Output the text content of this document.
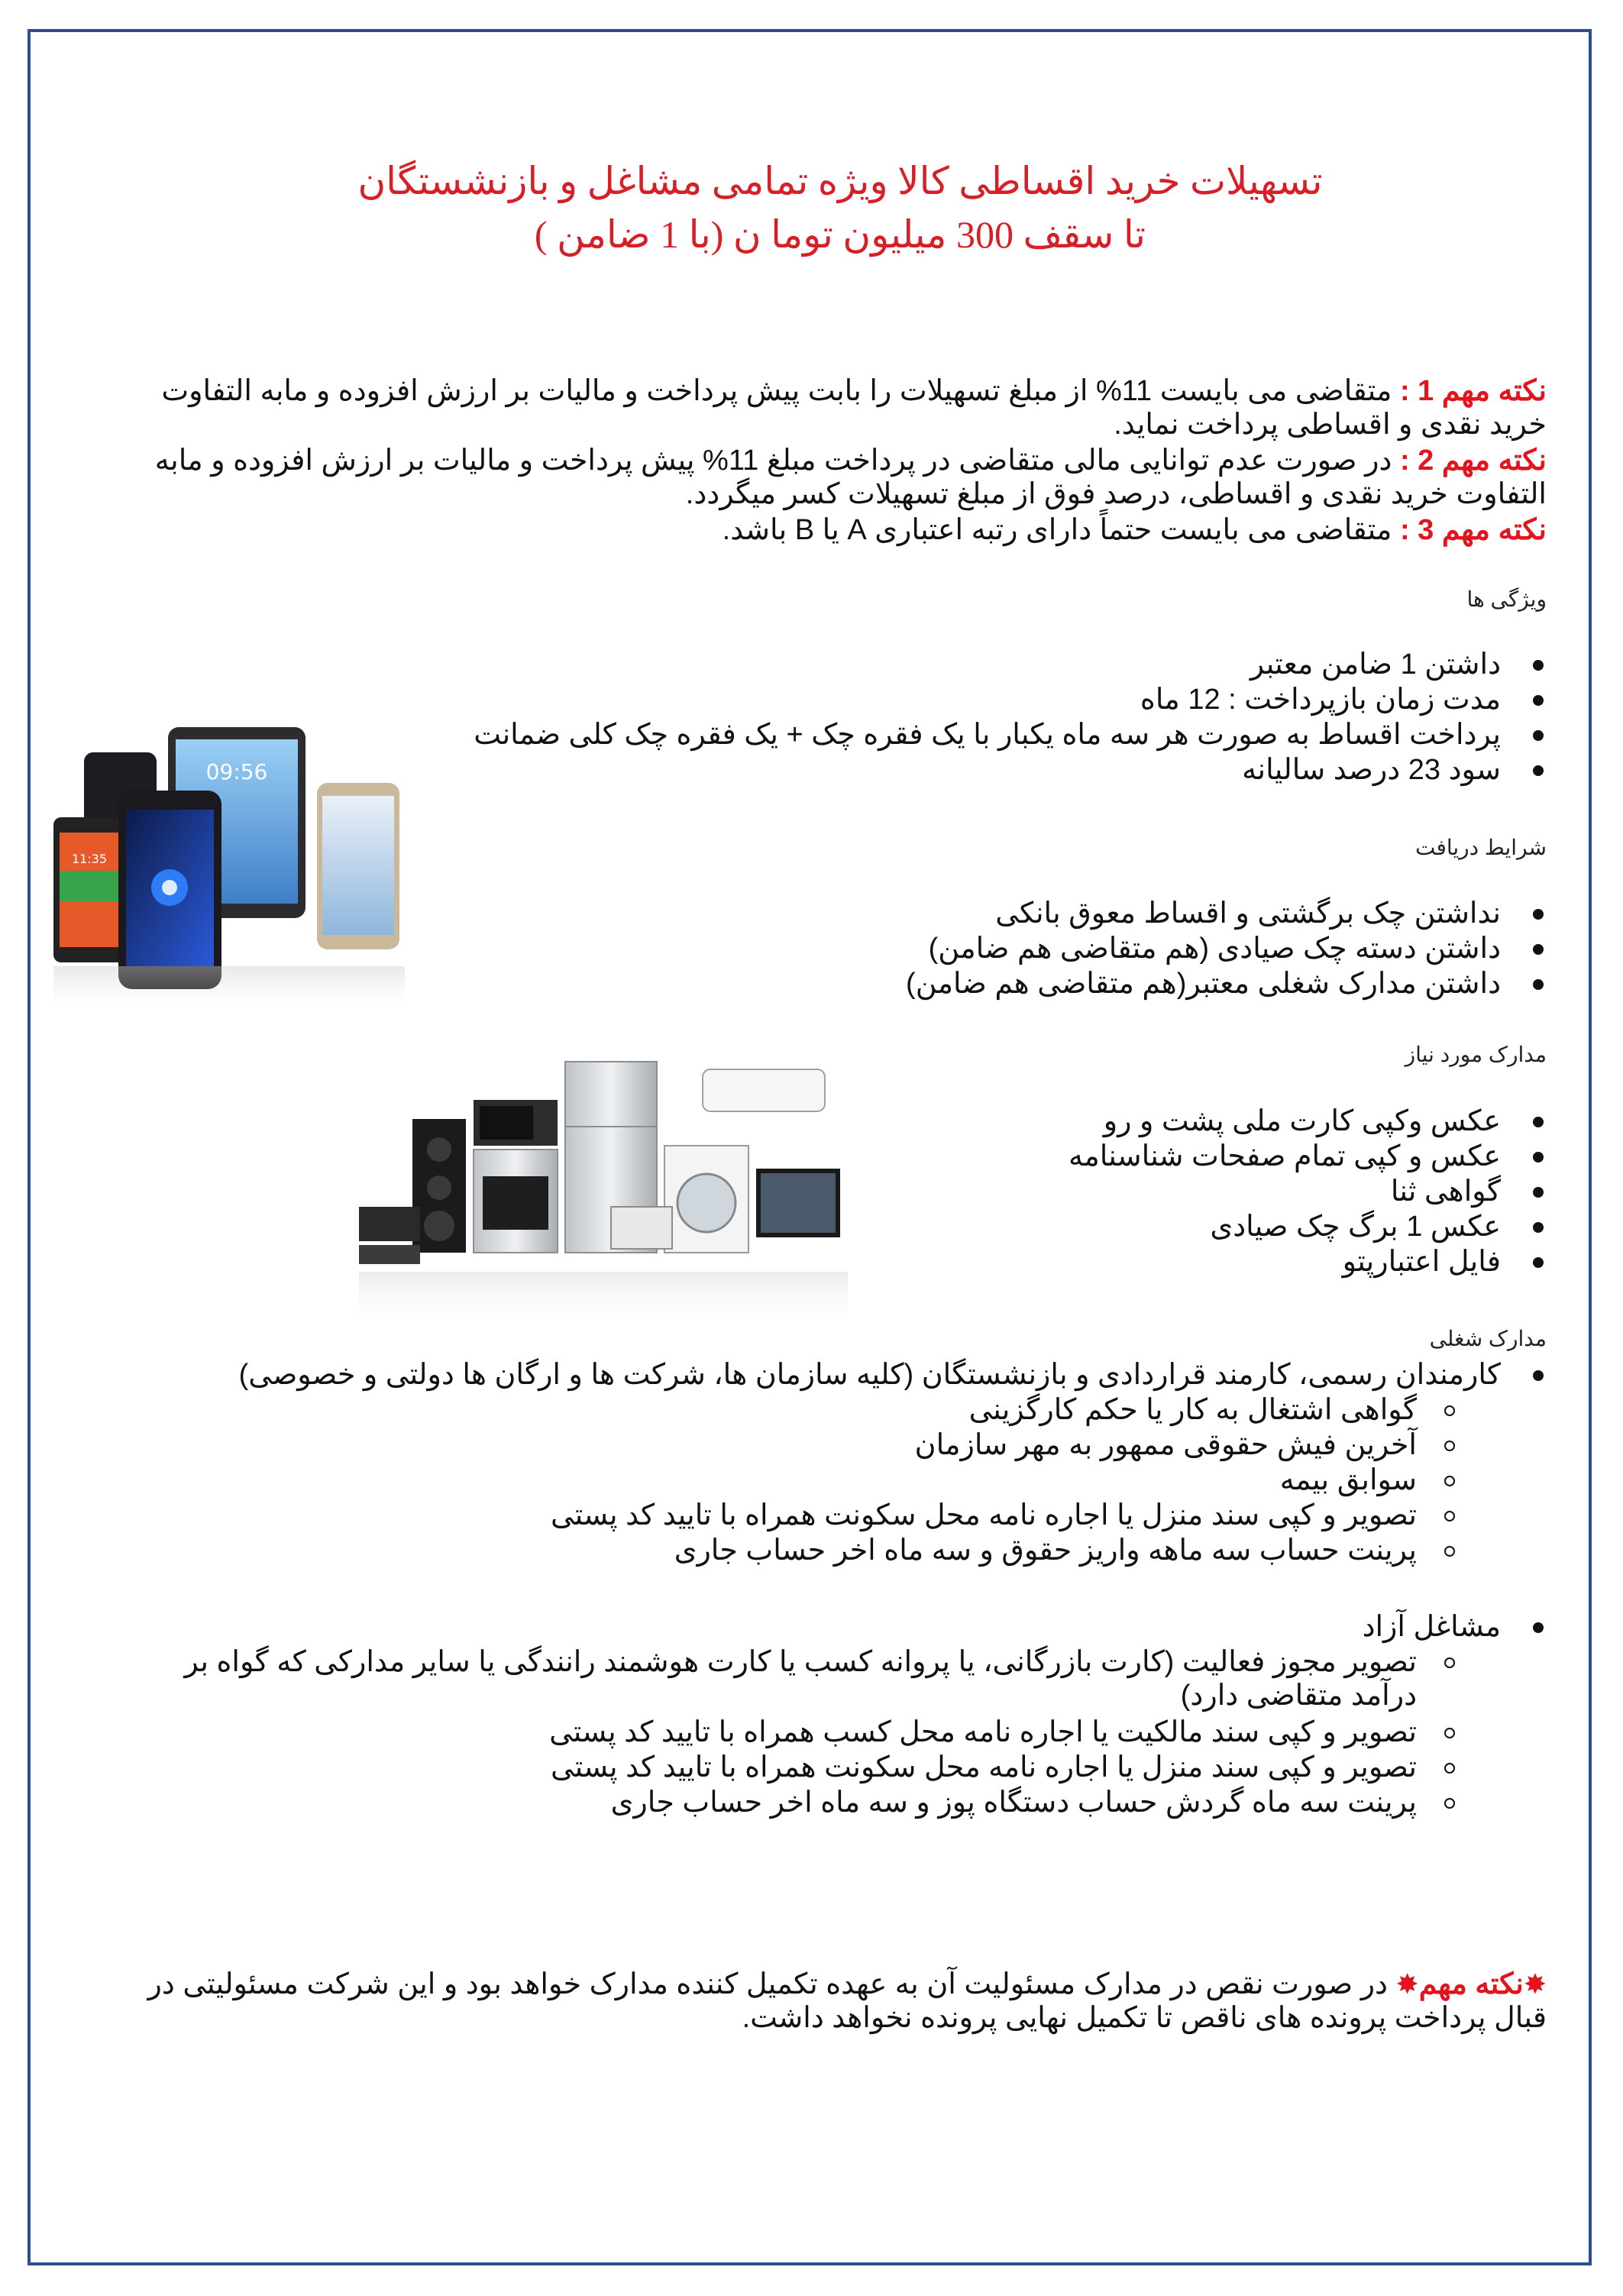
تسهیلات خرید اقساطی کالا ویژه تمامی مشاغل و بازنشستگان
تا سقف 300 میلیون توما ن (با 1 ضامن )
نکته مهم 1 : متقاضی می بایست 11% از مبلغ تسهیلات را بابت پیش پرداخت و مالیات بر ارزش افزوده و مابه التفاوت خرید نقدی و اقساطی پرداخت نماید.
نکته مهم 2 : در صورت عدم توانایی مالی متقاضی در پرداخت مبلغ 11% پیش پرداخت و مالیات بر ارزش افزوده و مابه التفاوت خرید نقدی و اقساطی، درصد فوق از مبلغ تسهیلات کسر میگردد.
نکته مهم 3 : متقاضی می بایست حتماً دارای رتبه اعتباری A یا B باشد.
ویژگی ها
داشتن 1 ضامن معتبر
مدت زمان بازپرداخت : 12 ماه
پرداخت اقساط به صورت هر سه ماه یکبار با یک فقره چک + یک فقره چک کلی ضمانت
سود 23 درصد سالیانه
09:56
11:35	شرایط دریافت
نداشتن چک برگشتی و اقساط معوق بانکی
داشتن دسته چک صیادی (هم متقاضی هم ضامن)
داشتن مدارک شغلی معتبر(هم متقاضی هم ضامن)
مدارک مورد نیاز
عکس وکپی کارت ملی پشت و رو
عکس و کپی تمام صفحات شناسنامه
گواهی ثنا
عکس 1 برگ چک صیادی
فایل اعتبارپتو
مدارک شغلی
کارمندان رسمی، کارمند قراردادی و بازنشستگان (کلیه سازمان ها، شرکت ها و ارگان ها دولتی و خصوصی)
گواهی اشتغال به کار یا حکم کارگزینی
آخرین فیش حقوقی ممهور به مهر سازمان
سوابق بیمه
تصویر و کپی سند منزل یا اجاره نامه محل سکونت همراه با تایید کد پستی
پرینت حساب سه ماهه واریز حقوق و سه ماه اخر حساب جاری
مشاغل آزاد
تصویر مجوز فعالیت (کارت بازرگانی، یا پروانه کسب یا کارت هوشمند رانندگی یا سایر مدارکی که گواه بر درآمد متقاضی دارد)
تصویر و کپی سند مالکیت یا اجاره نامه محل کسب همراه با تایید کد پستی
تصویر و کپی سند منزل یا اجاره نامه محل سکونت همراه با تایید کد پستی
پرینت سه ماه گردش حساب دستگاه پوز و سه ماه اخر حساب جاری
✸نکته مهم✸ در صورت نقص در مدارک مسئولیت آن به عهده تکمیل کننده مدارک خواهد بود و این شرکت مسئولیتی در قبال پرداخت پرونده های ناقص تا تکمیل نهایی پرونده نخواهد داشت.
